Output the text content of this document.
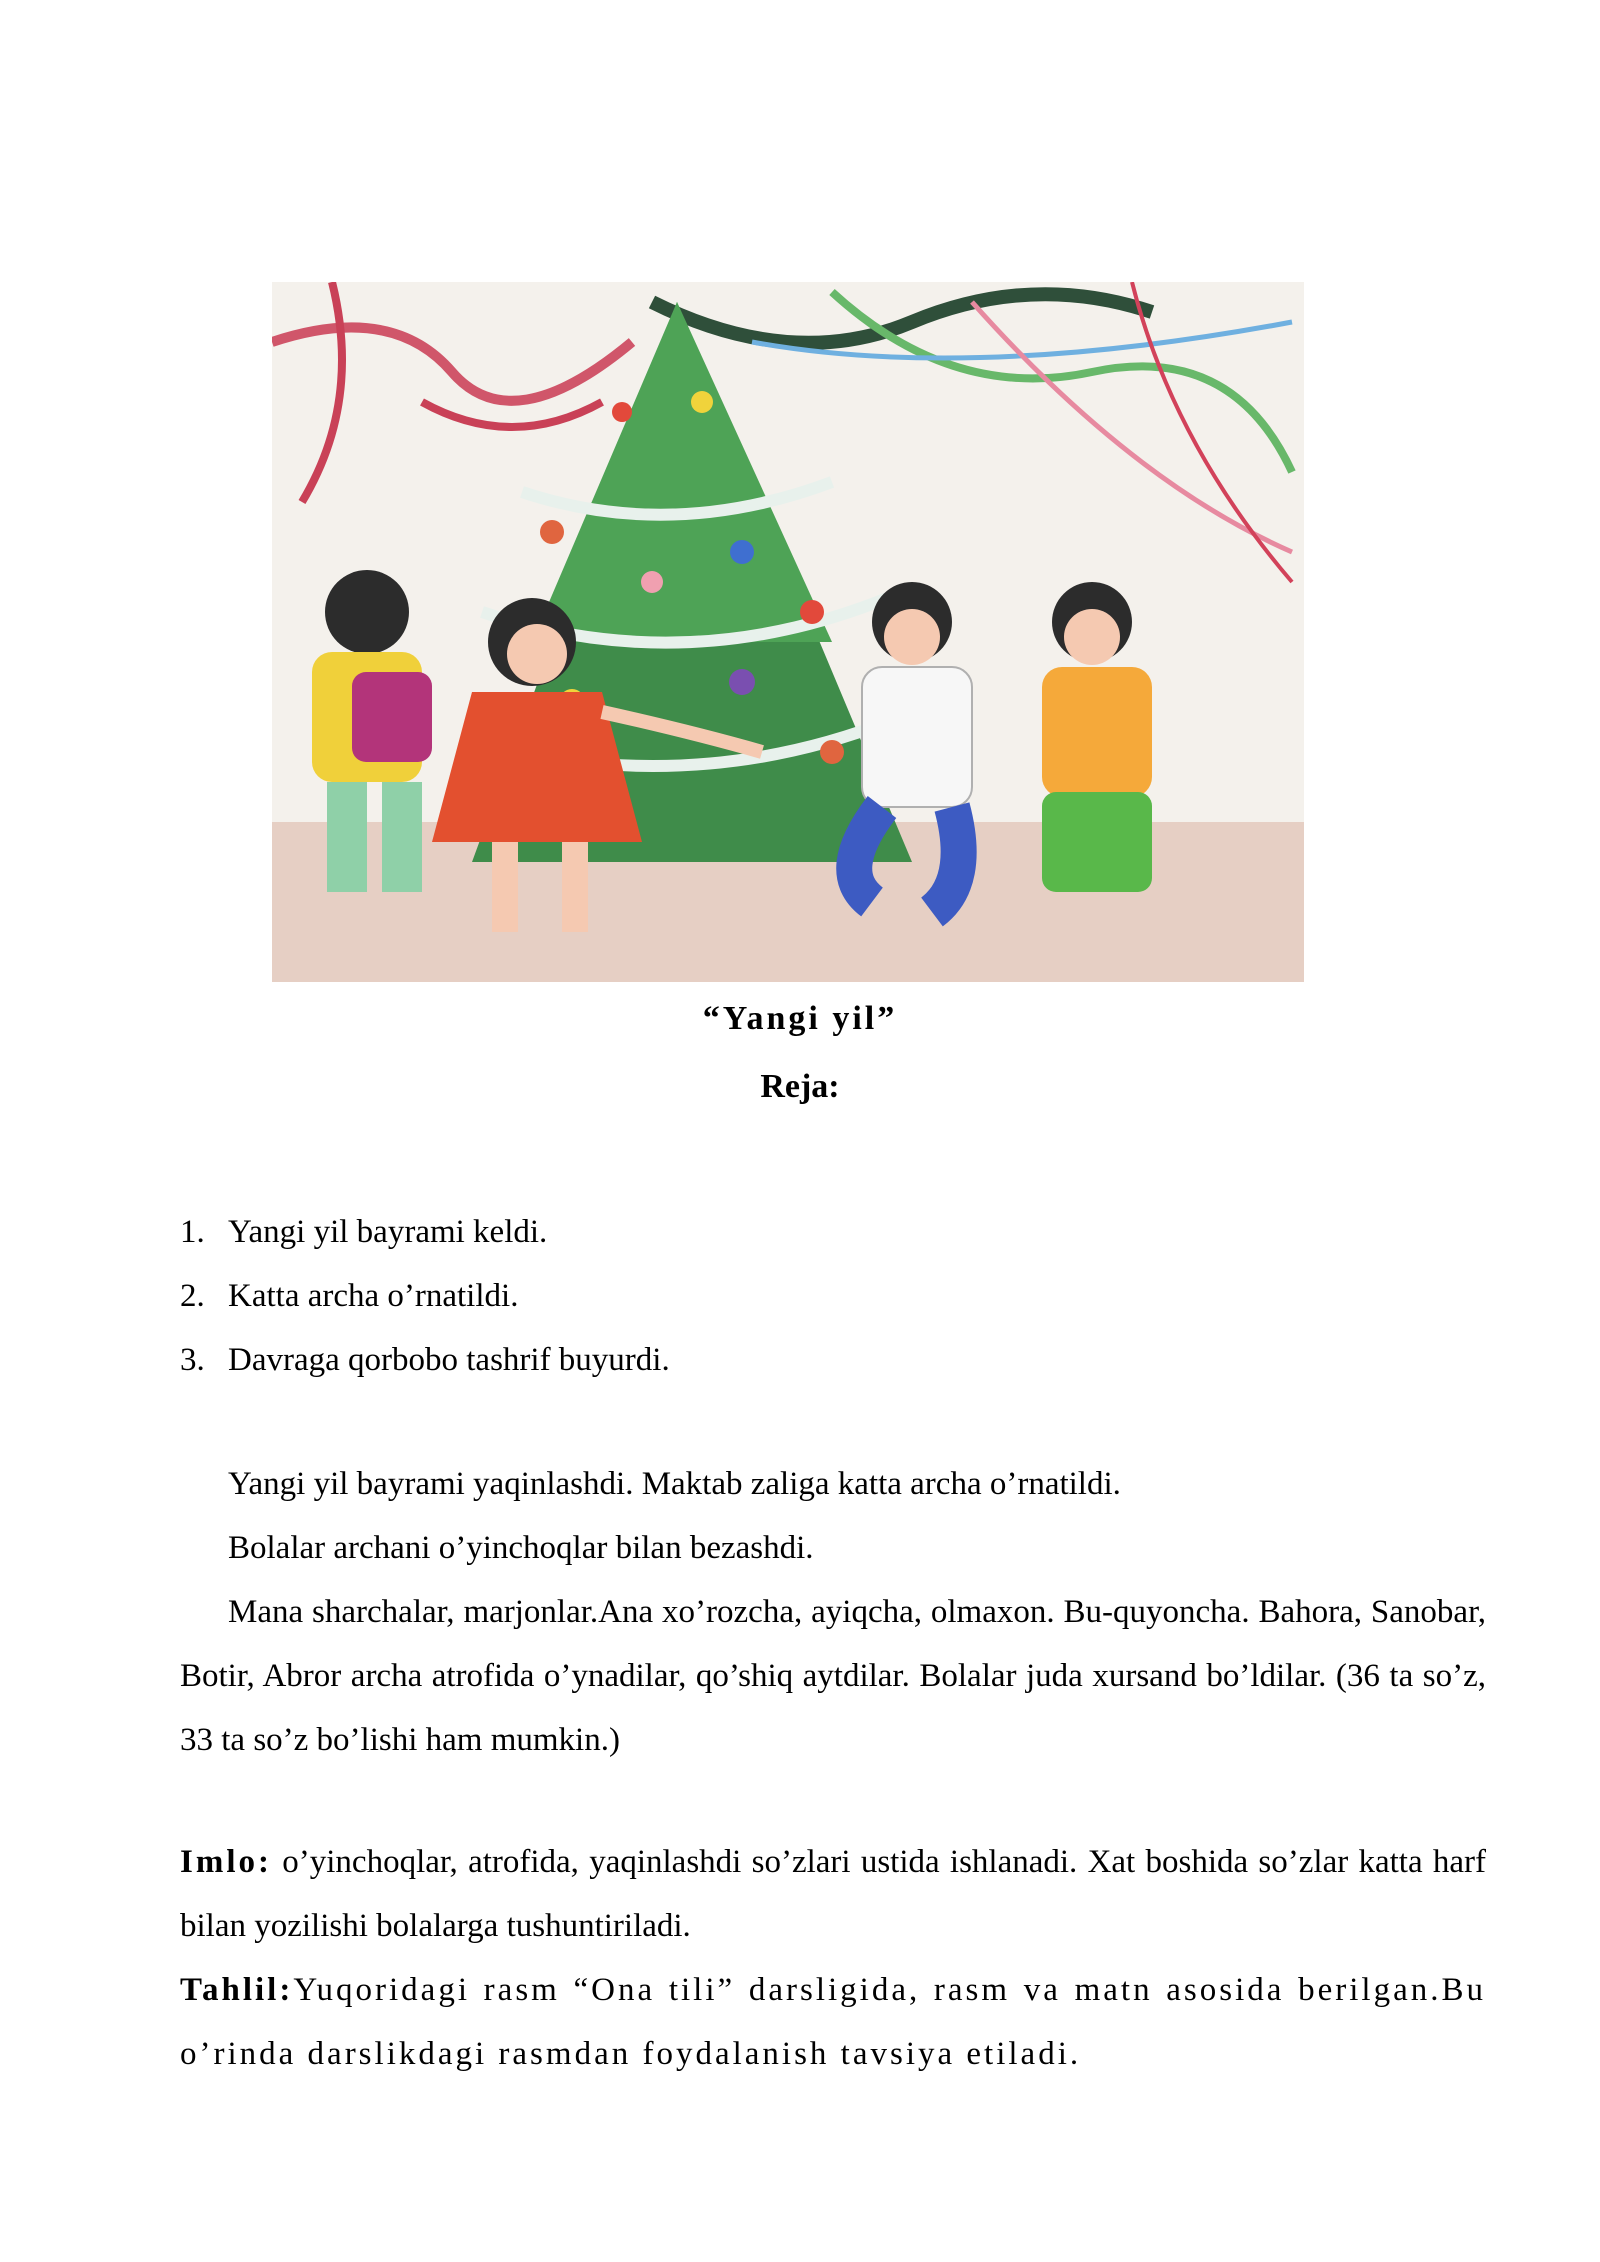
“Yangi yil”
Reja:
1. Yangi yil bayrami keldi.
2. Katta archa o’rnatildi.
3. Davraga qorbobo tashrif buyurdi.

Yangi yil bayrami yaqinlashdi. Maktab zaliga katta archa o’rnatildi.

Bolalar archani o’yinchoqlar bilan bezashdi.

Mana sharchalar, marjonlar.Ana xo’rozcha, ayiqcha, olmaxon. Bu-quyoncha. Bahora, Sanobar, Botir, Abror archa atrofida o’ynadilar, qo’shiq aytdilar. Bolalar juda xursand bo’ldilar. (36 ta so’z, 33 ta so’z bo’lishi ham mumkin.)

Imlo: o’yinchoqlar, atrofida, yaqinlashdi so’zlari ustida ishlanadi. Xat boshida so’zlar katta harf bilan yozilishi bolalarga tushuntiriladi.

Tahlil:Yuqoridagi rasm “Ona tili” darsligida, rasm va matn asosida berilgan.Bu o’rinda darslikdagi rasmdan foydalanish tavsiya etiladi.
